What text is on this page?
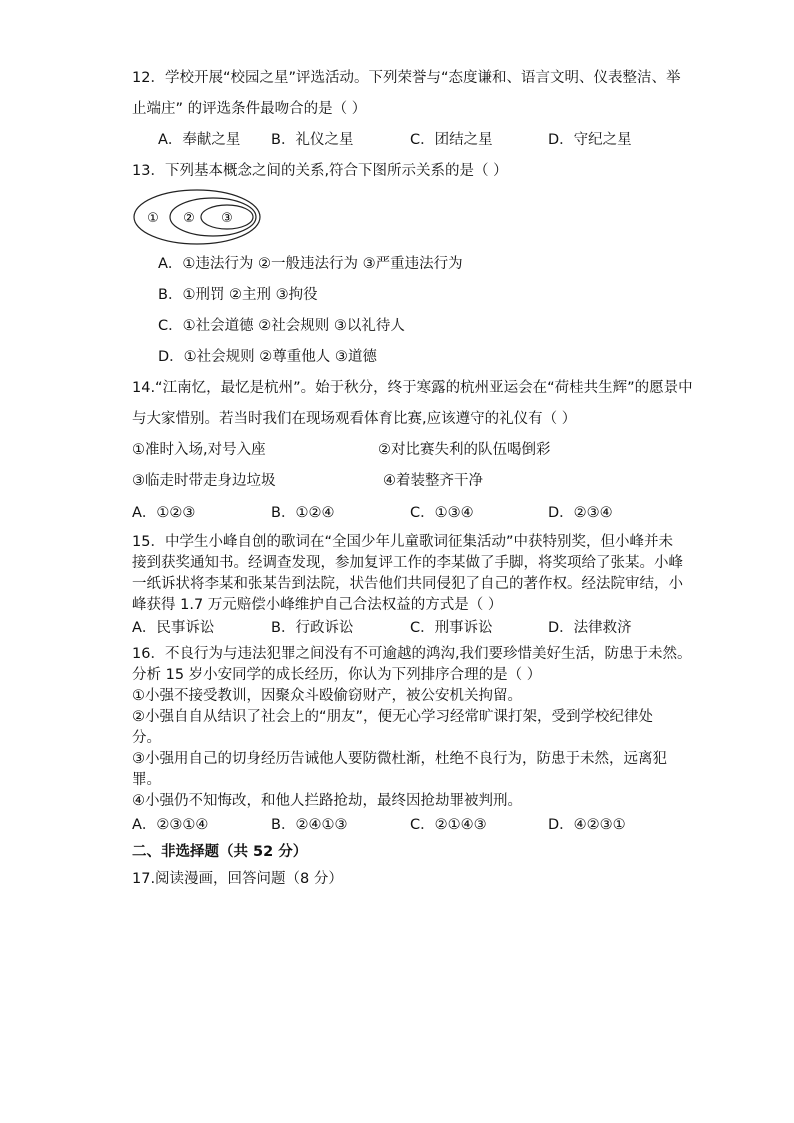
12．学校开展“校园之星”评选活动。下列荣誉与“态度谦和、语言文明、仪表整洁、举
止端庄” 的评选条件最吻合的是（ ）
A．奉献之星 B．礼仪之星	C．团结之星	D．守纪之星
13．下列基本概念之间的关系,符合下图所示关系的是（ ）
① ② ③
A．①违法行为 ②一般违法行为 ③严重违法行为
B．①刑罚 ②主刑 ③拘役
C．①社会道德 ②社会规则 ③以礼待人
D．①社会规则 ②尊重他人 ③道德
14.“江南忆，最忆是杭州”。始于秋分，终于寒露的杭州亚运会在“荷桂共生辉”的愿景中
与大家惜别。若当时我们在现场观看体育比赛,应该遵守的礼仪有（ ）
①准时入场,对号入座	②对比赛失利的队伍喝倒彩
③临走时带走身边垃圾	④着装整齐干净
A．①②③	B．①②④	C．①③④	D．②③④
15．中学生小峰自创的歌词在“全国少年儿童歌词征集活动”中获特别奖，但小峰并未
接到获奖通知书。经调查发现，参加复评工作的李某做了手脚，将奖项给了张某。小峰
一纸诉状将李某和张某告到法院，状告他们共同侵犯了自己的著作权。经法院审结，小
峰获得 1.7 万元赔偿小峰维护自己合法权益的方式是（ ）
A．民事诉讼	B．行政诉讼	C．刑事诉讼	D．法律救济
16．不良行为与违法犯罪之间没有不可逾越的鸿沟,我们要珍惜美好生活，防患于未然。
分析 15 岁小安同学的成长经历，你认为下列排序合理的是（ ）
①小强不接受教训，因聚众斗殴偷窃财产，被公安机关拘留。
②小强自自从结识了社会上的“朋友”，便无心学习经常旷课打架，受到学校纪律处
分。
③小强用自己的切身经历告诫他人要防微杜渐，杜绝不良行为，防患于未然，远离犯
罪。
④小强仍不知悔改，和他人拦路抢劫，最终因抢劫罪被判刑。
A．②③①④	B．②④①③	C．②①④③	D．④②③①
二、非选择题（共 52 分）
17.阅读漫画，回答问题（8 分）
